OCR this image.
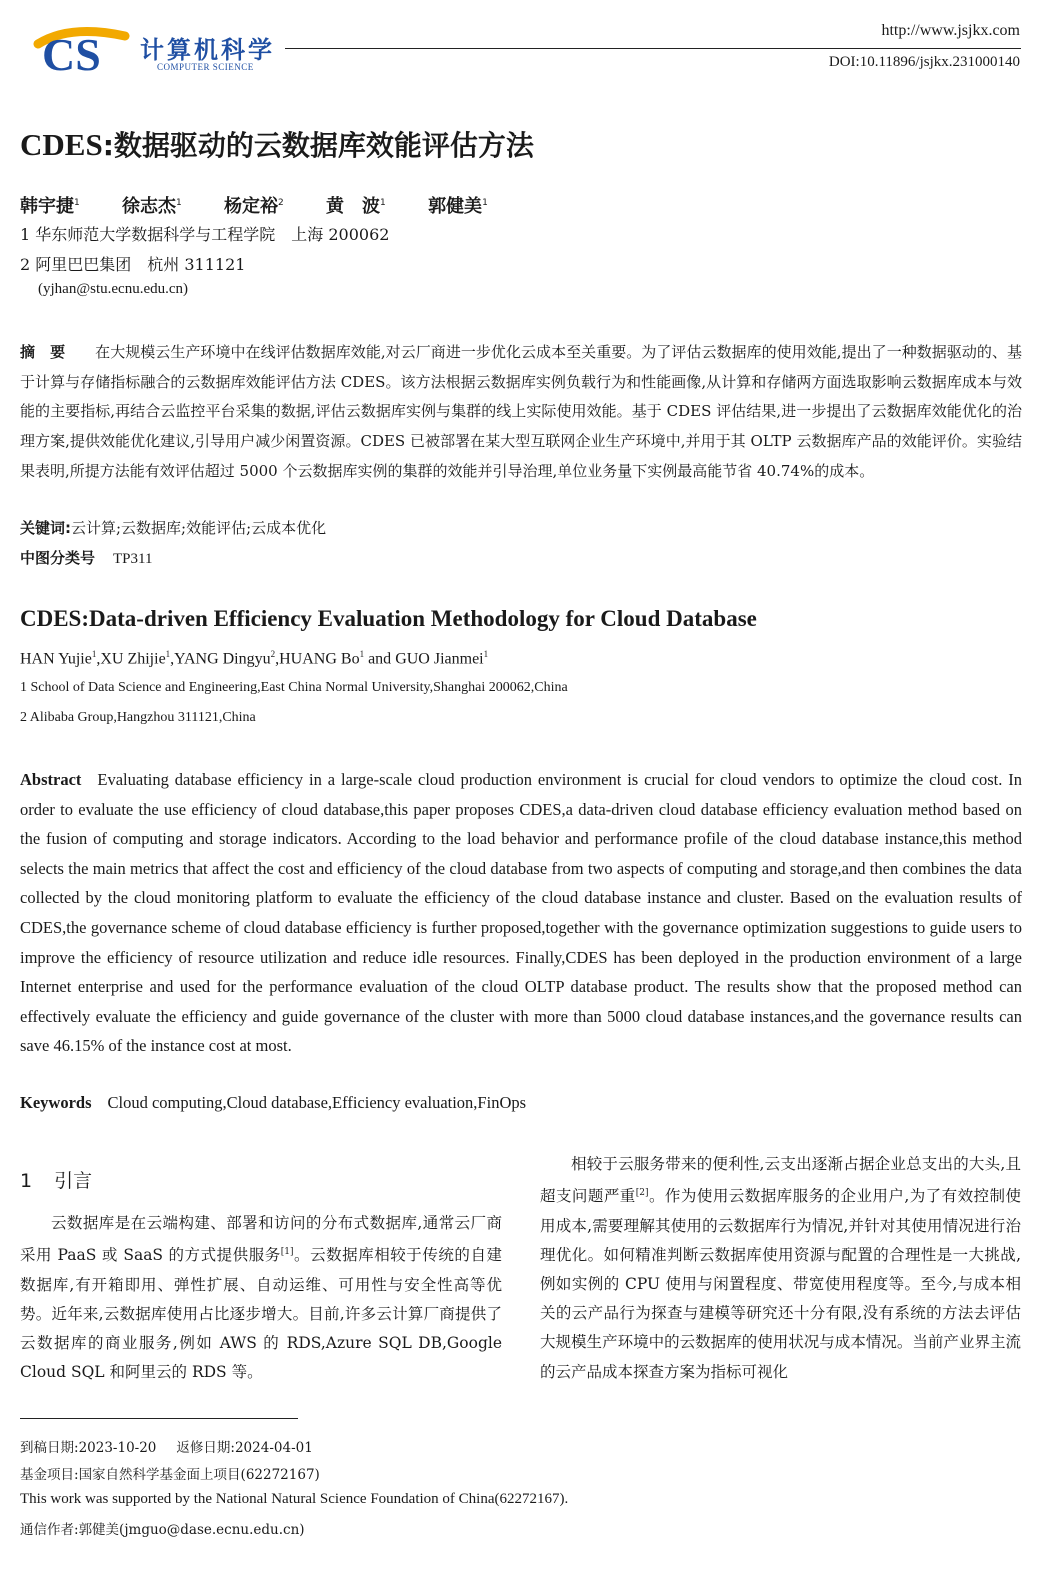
CS 计算机科学
COMPUTER SCIENCE
http://www.jsjkx.com
DOI:10.11896/jsjkx.231000140
CDES:数据驱动的云数据库效能评估方法
韩宇捷$^1$ 徐志杰$^1$ 杨定裕$^2$ 黄　波$^1$ 郭健美$^1$
1 华东师范大学数据科学与工程学院　上海 200062
2 阿里巴巴集团　杭州 311121
(yjhan@stu.ecnu.edu.cn)
摘　要 在大规模云生产环境中在线评估数据库效能,对云厂商进一步优化云成本至关重要。为了评估云数据库的使用效能,提出了一种数据驱动的、基于计算与存储指标融合的云数据库效能评估方法 CDES。该方法根据云数据库实例负载行为和性能画像,从计算和存储两方面选取影响云数据库成本与效能的主要指标,再结合云监控平台采集的数据,评估云数据库实例与集群的线上实际使用效能。基于 CDES 评估结果,进一步提出了云数据库效能优化的治理方案,提供效能优化建议,引导用户减少闲置资源。CDES 已被部署在某大型互联网企业生产环境中,并用于其 OLTP 云数据库产品的效能评价。实验结果表明,所提方法能有效评估超过 5000 个云数据库实例的集群的效能并引导治理,单位业务量下实例最高能节省 40.74%的成本。
关键词:云计算;云数据库;效能评估;云成本优化
中图分类号 TP311
CDES:Data-driven Efficiency Evaluation Methodology for Cloud Database
HAN Yujie$^1$,XU Zhijie$^1$,YANG Dingyu$^2$,HUANG Bo$^1$ and GUO Jianmei$^1$
1 School of Data Science and Engineering,East China Normal University,Shanghai 200062,China
2 Alibaba Group,Hangzhou 311121,China
Abstract Evaluating database efficiency in a large-scale cloud production environment is crucial for cloud vendors to optimize the cloud cost. In order to evaluate the use efficiency of cloud database,this paper proposes CDES,a data-driven cloud database efficiency evaluation method based on the fusion of computing and storage indicators. According to the load behavior and performance profile of the cloud database instance,this method selects the main metrics that affect the cost and efficiency of the cloud database from two aspects of computing and storage,and then combines the data collected by the cloud monitoring platform to evaluate the efficiency of the cloud database instance and cluster. Based on the evaluation results of CDES,the governance scheme of cloud database efficiency is further proposed,together with the governance optimization suggestions to guide users to improve the efficiency of resource utilization and reduce idle resources. Finally,CDES has been deployed in the production environment of a large Internet enterprise and used for the performance evaluation of the cloud OLTP database product. The results show that the proposed method can effectively evaluate the efficiency and guide governance of the cluster with more than 5000 cloud database instances,and the governance results can save 46.15% of the instance cost at most.
Keywords Cloud computing,Cloud database,Efficiency evaluation,FinOps
1 引言
云数据库是在云端构建、部署和访问的分布式数据库,通常云厂商采用 PaaS 或 SaaS 的方式提供服务[1]。云数据库相较于传统的自建数据库,有开箱即用、弹性扩展、自动运维、可用性与安全性高等优势。近年来,云数据库使用占比逐步增大。目前,许多云计算厂商提供了云数据库的商业服务,例如 AWS 的 RDS,Azure SQL DB,Google Cloud SQL 和阿里云的 RDS 等。
相较于云服务带来的便利性,云支出逐渐占据企业总支出的大头,且超支问题严重[2]。作为使用云数据库服务的企业用户,为了有效控制使用成本,需要理解其使用的云数据库行为情况,并针对其使用情况进行治理优化。如何精准判断云数据库使用资源与配置的合理性是一大挑战,例如实例的 CPU 使用与闲置程度、带宽使用程度等。至今,与成本相关的云产品行为探查与建模等研究还十分有限,没有系统的方法去评估大规模生产环境中的云数据库的使用状况与成本情况。当前产业界主流的云产品成本探查方案为指标可视化
到稿日期:2023-10-20 返修日期:2024-04-01
基金项目:国家自然科学基金面上项目(62272167)
This work was supported by the National Natural Science Foundation of China(62272167).
通信作者:郭健美(jmguo@dase.ecnu.edu.cn)
